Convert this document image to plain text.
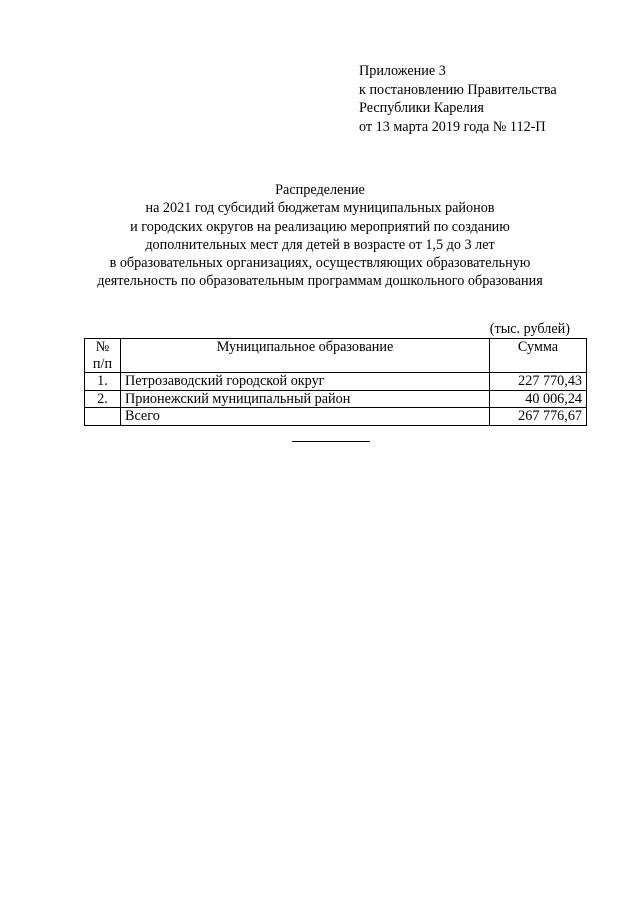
Приложение 3
к постановлению Правительства
Республики Карелия
от 13 марта 2019 года № 112-П
Распределение
на 2021 год субсидий бюджетам муниципальных районов
и городских округов на реализацию мероприятий по созданию
дополнительных мест для детей в возрасте от 1,5 до 3 лет
в образовательных организациях, осуществляющих образовательную
деятельность по образовательным программам дошкольного образования
(тыс. рублей)
№
п/п	Муниципальное образование	Сумма
1.	Петрозаводский городской округ	227 770,43
2.	Прионежский муниципальный район	40 006,24
	Всего	267 776,67
